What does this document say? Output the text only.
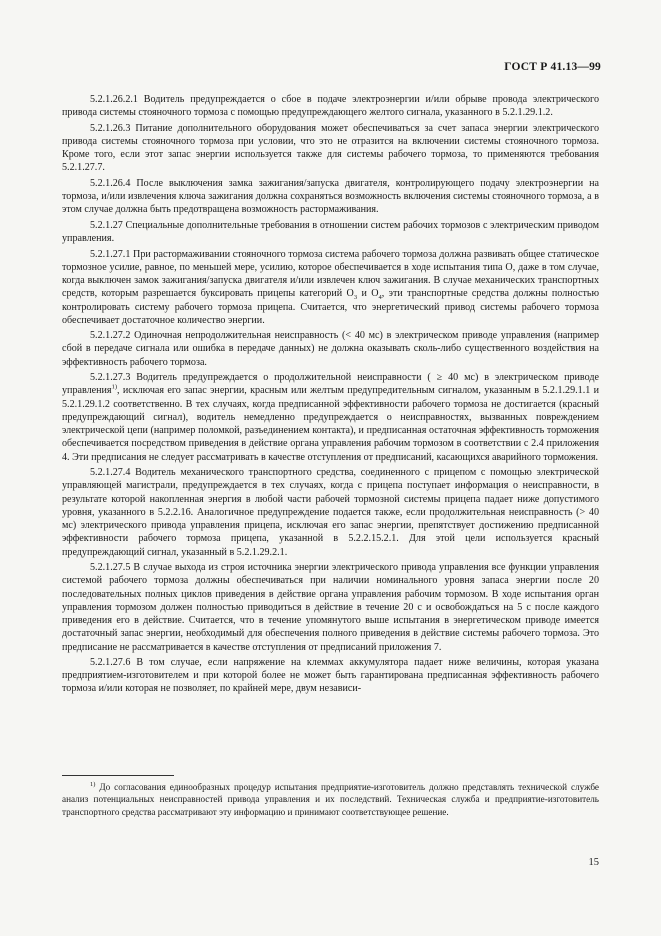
ГОСТ Р 41.13—99

5.2.1.26.2.1 Водитель предупреждается о сбое в подаче электроэнергии и/или обрыве провода электрического привода системы стояночного тормоза с помощью предупреждающего желтого сигнала, указанного в 5.2.1.29.1.2.

5.2.1.26.3 Питание дополнительного оборудования может обеспечиваться за счет запаса энергии электрического привода системы стояночного тормоза при условии, что это не отразится на включении системы стояночного тормоза. Кроме того, если этот запас энергии используется также для системы рабочего тормоза, то применяются требования 5.2.1.27.7.

5.2.1.26.4 После выключения замка зажигания/запуска двигателя, контролирующего подачу электроэнергии на тормоза, и/или извлечения ключа зажигания должна сохраняться возможность включения системы стояночного тормоза, а в этом случае должна быть предотвращена возможность растормаживания.

5.2.1.27 Специальные дополнительные требования в отношении систем рабочих тормозов с электрическим приводом управления.

5.2.1.27.1 При растормаживании стояночного тормоза система рабочего тормоза должна развивать общее статическое тормозное усилие, равное, по меньшей мере, усилию, которое обеспечивается в ходе испытания типа О, даже в том случае, когда выключен замок зажигания/запуска двигателя и/или извлечен ключ зажигания. В случае механических транспортных средств, которым разрешается буксировать прицепы категорий $O_3$ и $O_4$, эти транспортные средства должны полностью контролировать систему рабочего тормоза прицепа. Считается, что энергетический привод системы рабочего тормоза обеспечивает достаточное количество энергии.

5.2.1.27.2 Одиночная непродолжительная неисправность (< 40 мс) в электрическом приводе управления (например сбой в передаче сигнала или ошибка в передаче данных) не должна оказывать сколь-либо существенного воздействия на эффективность рабочего тормоза.

5.2.1.27.3 Водитель предупреждается о продолжительной неисправности ( ≥ 40 мс) в электрическом приводе управления$^{1)}$, исключая его запас энергии, красным или желтым предупредительным сигналом, указанным в 5.2.1.29.1.1 и 5.2.1.29.1.2 соответственно. В тех случаях, когда предписанной эффективности рабочего тормоза не достигается (красный предупреждающий сигнал), водитель немедленно предупреждается о неисправностях, вызванных повреждением электрической цепи (например поломкой, разъединением контакта), и предписанная остаточная эффективность торможения обеспечивается посредством приведения в действие органа управления рабочим тормозом в соответствии с 2.4 приложения 4. Эти предписания не следует рассматривать в качестве отступления от предписаний, касающихся аварийного торможения.

5.2.1.27.4 Водитель механического транспортного средства, соединенного с прицепом с помощью электрической управляющей магистрали, предупреждается в тех случаях, когда с прицепа поступает информация о неисправности, в результате которой накопленная энергия в любой части рабочей тормозной системы прицепа падает ниже допустимого уровня, указанного в 5.2.2.16. Аналогичное предупреждение подается также, если продолжительная неисправность (> 40 мс) электрического привода управления прицепа, исключая его запас энергии, препятствует достижению предписанной эффективности рабочего тормоза прицепа, указанной в 5.2.2.15.2.1. Для этой цели используется красный предупреждающий сигнал, указанный в 5.2.1.29.2.1.

5.2.1.27.5 В случае выхода из строя источника энергии электрического привода управления все функции управления системой рабочего тормоза должны обеспечиваться при наличии номинального уровня запаса энергии после 20 последовательных полных циклов приведения в действие органа управления рабочим тормозом. В ходе испытания орган управления тормозом должен полностью приводиться в действие в течение 20 с и освобождаться на 5 с после каждого приведения его в действие. Считается, что в течение упомянутого выше испытания в энергетическом приводе имеется достаточный запас энергии, необходимый для обеспечения полного приведения в действие системы рабочего тормоза. Это предписание не рассматривается в качестве отступления от предписаний приложения 7.

5.2.1.27.6 В том случае, если напряжение на клеммах аккумулятора падает ниже величины, которая указана предприятием-изготовителем и при которой более не может быть гарантирована предписанная эффективность рабочего тормоза и/или которая не позволяет, по крайней мере, двум независи-

$^{1)}$ До согласования единообразных процедур испытания предприятие-изготовитель должно представлять технической службе анализ потенциальных неисправностей привода управления и их последствий. Техническая служба и предприятие-изготовитель транспортного средства рассматривают эту информацию и принимают соответствующее решение.

15
